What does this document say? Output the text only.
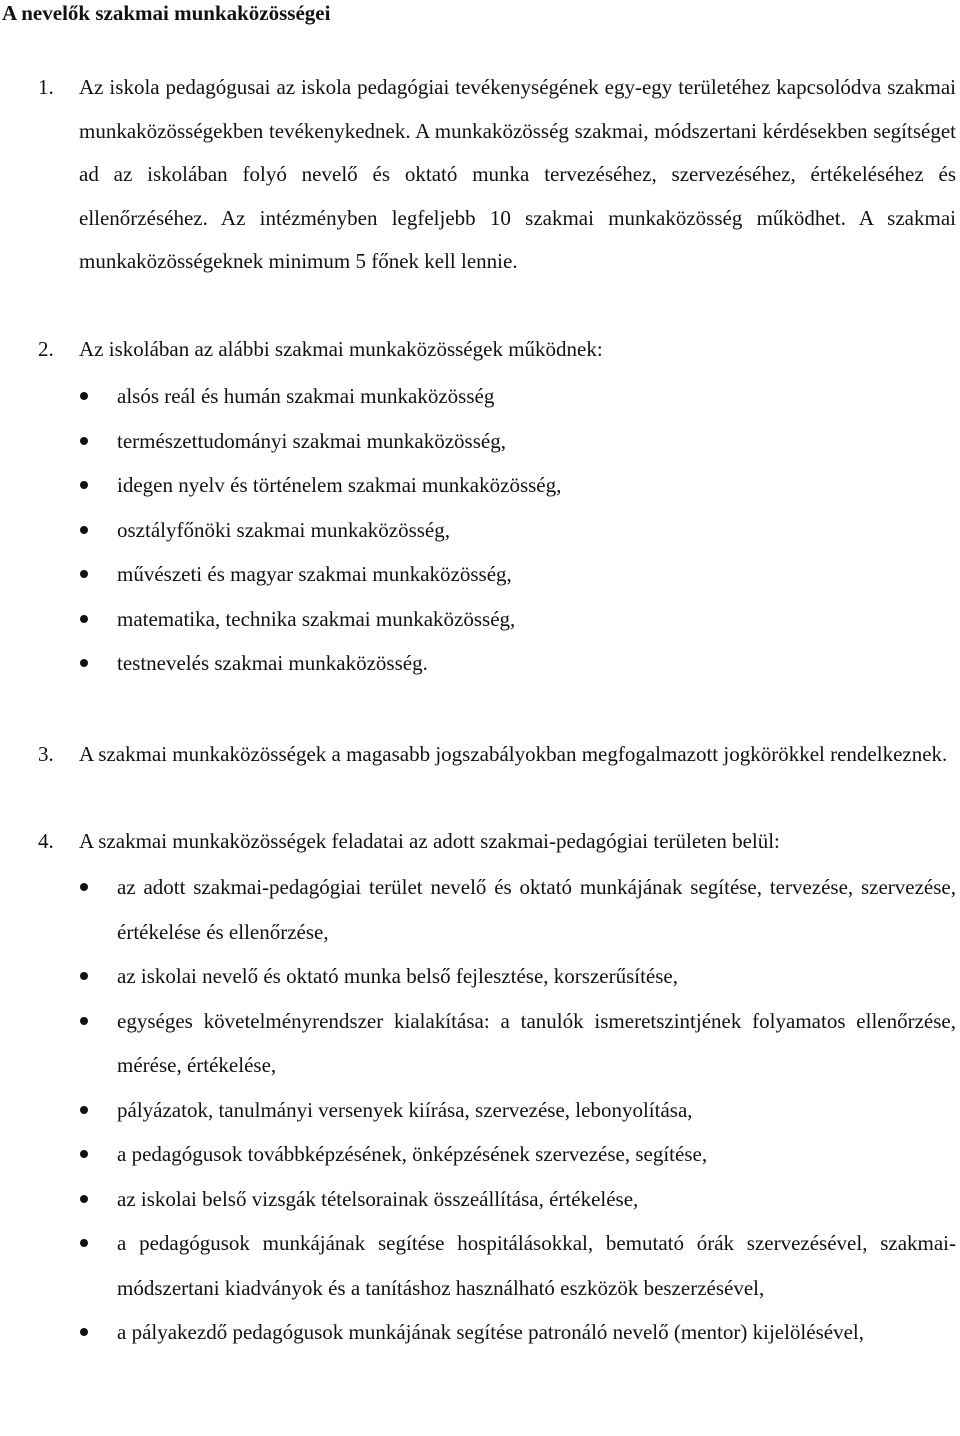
A nevelők szakmai munkaközösségei
1. Az iskola pedagógusai az iskola pedagógiai tevékenységének egy-egy területéhez kapcsolódva szakmai munkaközösségekben tevékenykednek. A munkaközösség szakmai, módszertani kérdésekben segítséget ad az iskolában folyó nevelő és oktató munka tervezéséhez, szervezéséhez, értékeléséhez és ellenőrzéséhez. Az intézményben legfeljebb 10 szakmai munkaközösség működhet. A szakmai munkaközösségeknek minimum 5 főnek kell lennie.

2. Az iskolában az alábbi szakmai munkaközösségek működnek:

alsós reál és humán szakmai munkaközösség
természettudományi szakmai munkaközösség,
idegen nyelv és történelem szakmai munkaközösség,
osztályfőnöki szakmai munkaközösség,
művészeti és magyar szakmai munkaközösség,
matematika, technika szakmai munkaközösség,
testnevelés szakmai munkaközösség.
3. A szakmai munkaközösségek a magasabb jogszabályokban megfogalmazott jogkörökkel rendelkeznek.

4. A szakmai munkaközösségek feladatai az adott szakmai-pedagógiai területen belül:

az adott szakmai-pedagógiai terület nevelő és oktató munkájának segítése, tervezése, szervezése, értékelése és ellenőrzése,
az iskolai nevelő és oktató munka belső fejlesztése, korszerűsítése,
egységes követelményrendszer kialakítása: a tanulók ismeretszintjének folyamatos ellenőrzése, mérése, értékelése,
pályázatok, tanulmányi versenyek kiírása, szervezése, lebonyolítása,
a pedagógusok továbbképzésének, önképzésének szervezése, segítése,
az iskolai belső vizsgák tételsorainak összeállítása, értékelése,
a pedagógusok munkájának segítése hospitálásokkal, bemutató órák szervezésével, szakmai-módszertani kiadványok és a tanításhoz használható eszközök beszerzésével,
a pályakezdő pedagógusok munkájának segítése patronáló nevelő (mentor) kijelölésével,
